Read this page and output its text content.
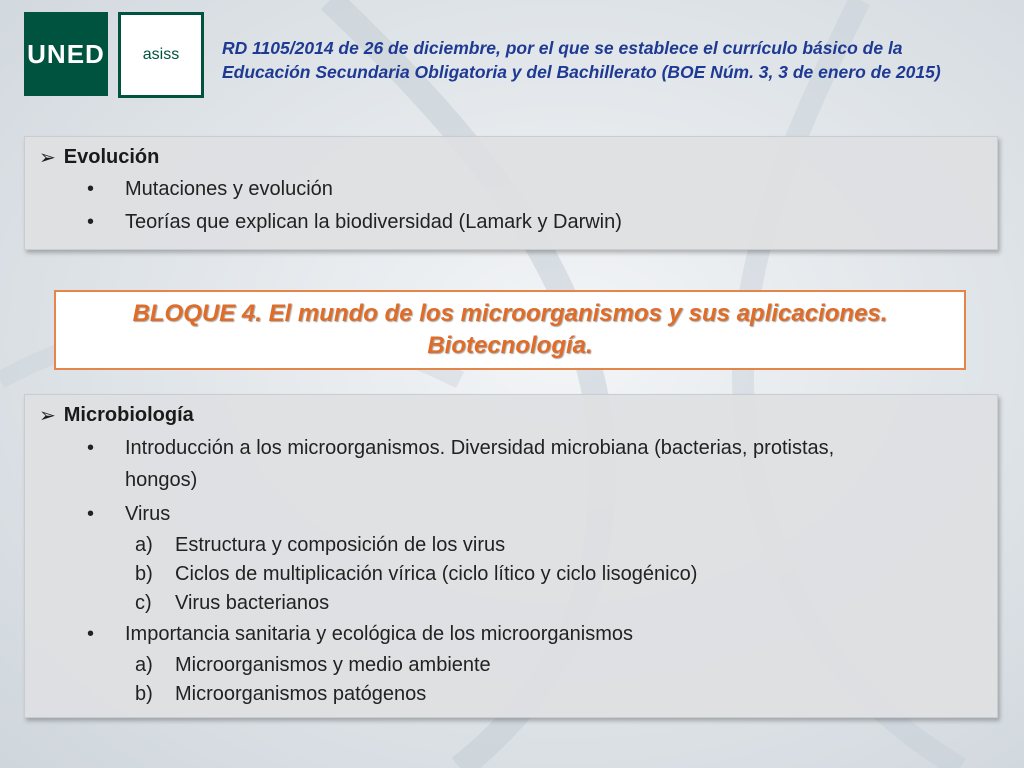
UNED asiss RD 1105/2014 de 26 de diciembre, por el que se establece el currículo básico de la
Educación Secundaria Obligatoria y del Bachillerato (BOE Núm. 3, 3 de enero de 2015)
➢ Evolución
•	Mutaciones y evolución
•	Teorías que explican la biodiversidad (Lamark y Darwin)
BLOQUE 4. El mundo de los microorganismos y sus aplicaciones.
Biotecnología.
➢ Microbiología
•	Introducción a los microorganismos. Diversidad microbiana (bacterias, protistas,
hongos)
•	Virus
a)	Estructura y composición de los virus
b)	Ciclos de multiplicación vírica (ciclo lítico y ciclo lisogénico)
c)	Virus bacterianos
•	Importancia sanitaria y ecológica de los microorganismos
a)	Microorganismos y medio ambiente
b)	Microorganismos patógenos
